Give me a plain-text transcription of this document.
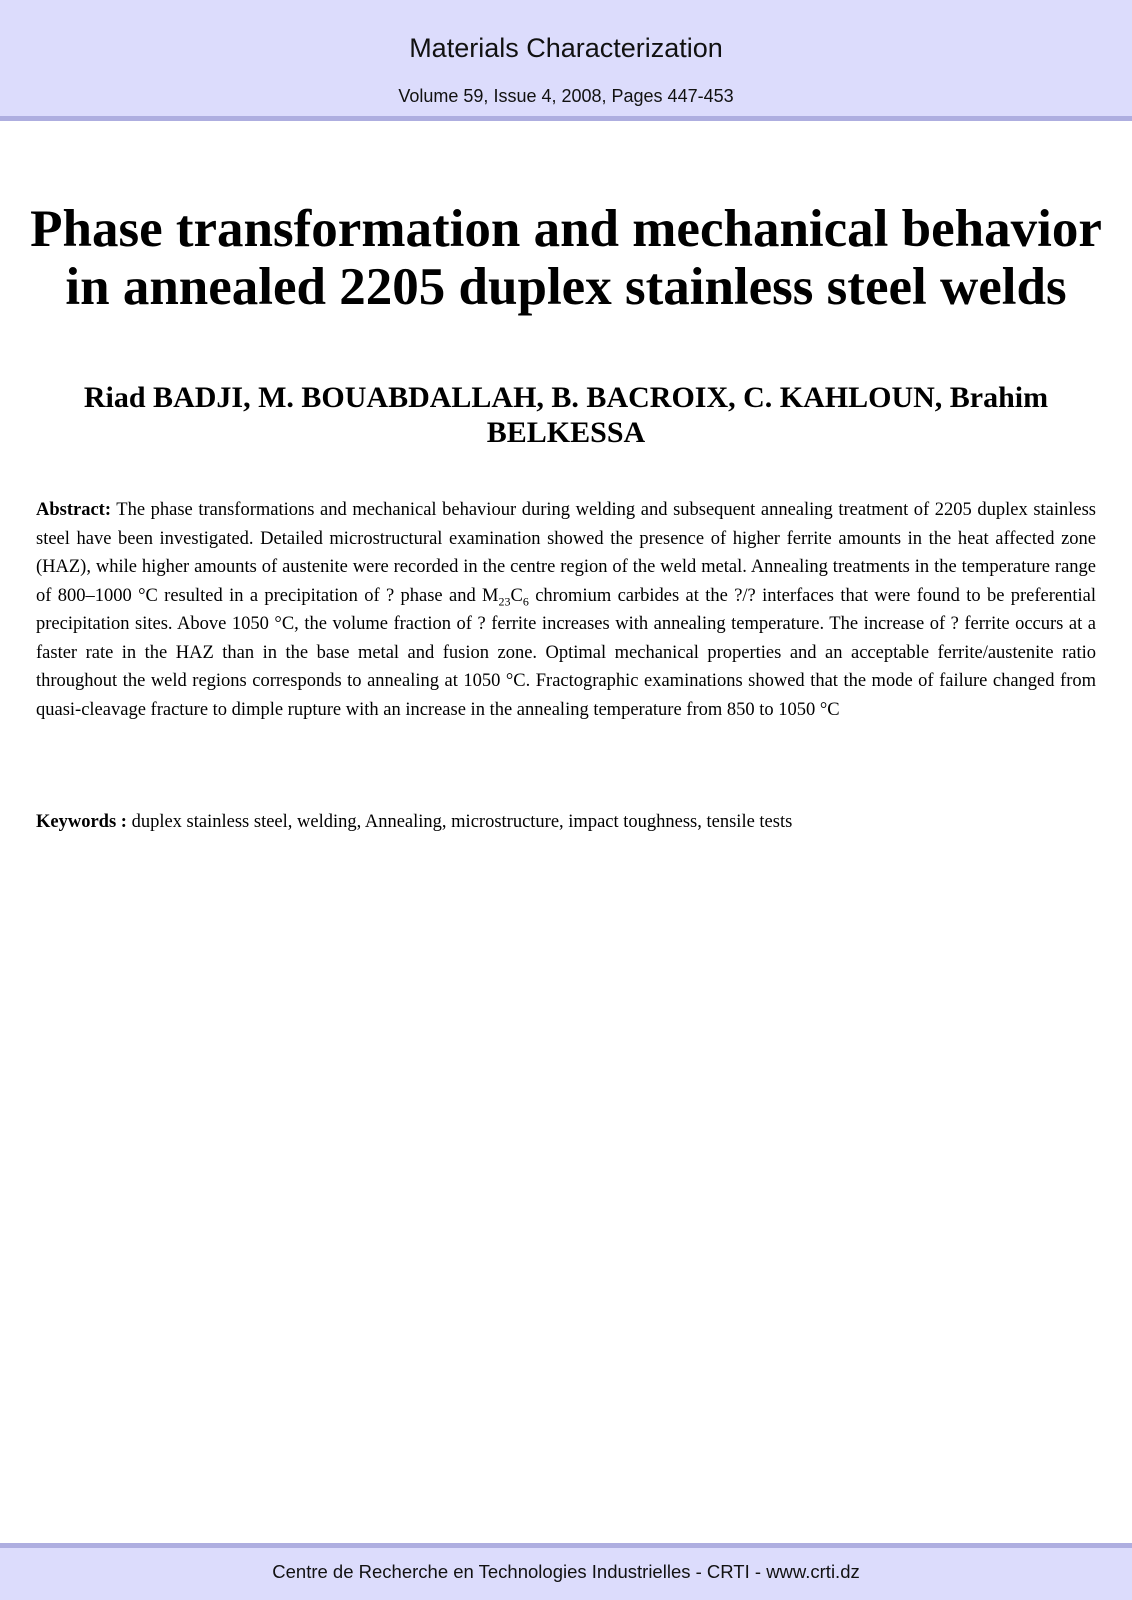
Materials Characterization
Volume 59, Issue 4, 2008, Pages 447-453
Phase transformation and mechanical behavior in annealed 2205 duplex stainless steel welds
Riad BADJI, M. BOUABDALLAH, B. BACROIX, C. KAHLOUN, Brahim BELKESSA

Abstract: The phase transformations and mechanical behaviour during welding and subsequent annealing treatment of 2205 duplex stainless steel have been investigated. Detailed microstructural examination showed the presence of higher ferrite amounts in the heat affected zone (HAZ), while higher amounts of austenite were recorded in the centre region of the weld metal. Annealing treatments in the temperature range of 800–1000 °C resulted in a precipitation of ? phase and $M_{23}C_6$ chromium carbides at the ?/? interfaces that were found to be preferential precipitation sites. Above 1050 °C, the volume fraction of ? ferrite increases with annealing temperature. The increase of ? ferrite occurs at a faster rate in the HAZ than in the base metal and fusion zone. Optimal mechanical properties and an acceptable ferrite/austenite ratio throughout the weld regions corresponds to annealing at 1050 °C. Fractographic examinations showed that the mode of failure changed from quasi-cleavage fracture to dimple rupture with an increase in the annealing temperature from 850 to 1050 °C

Keywords : duplex stainless steel, welding, Annealing, microstructure, impact toughness, tensile tests

Centre de Recherche en Technologies Industrielles - CRTI - www.crti.dz
